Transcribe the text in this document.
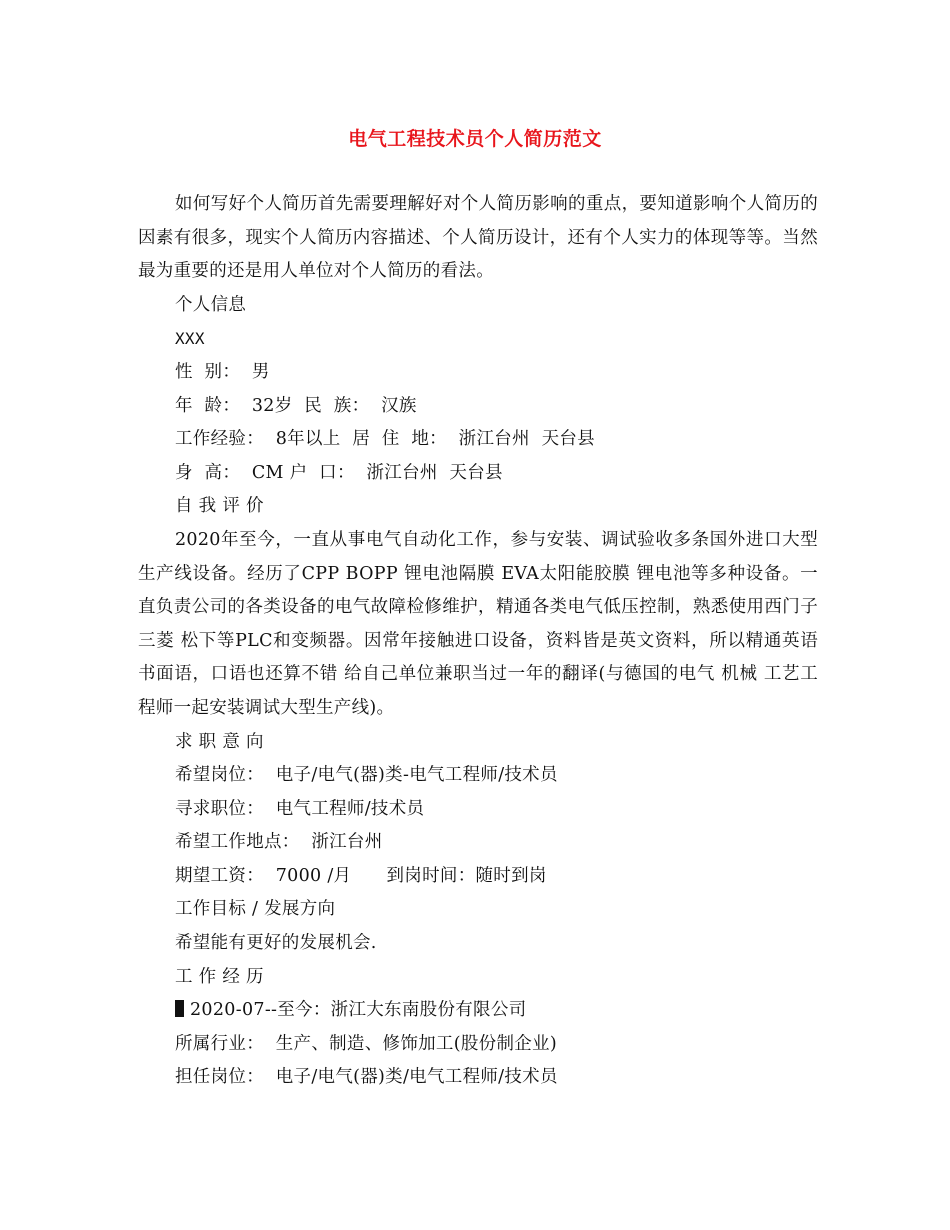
电气工程技术员个人简历范文

如何写好个人简历首先需要理解好对个人简历影响的重点，要知道影响个人简历的因素有很多，现实个人简历内容描述、个人简历设计，还有个人实力的体现等等。当然最为重要的还是用人单位对个人简历的看法。

个人信息
XXX
性  别：  男
年  龄：  32岁  民  族：  汉族
工作经验：  8年以上  居  住  地：  浙江台州  天台县
身  高：  CM 户  口：  浙江台州  天台县
自 我 评 价

2020年至今，一直从事电气自动化工作，参与安装、调试验收多条国外进口大型生产线设备。经历了CPP BOPP 锂电池隔膜 EVA太阳能胶膜 锂电池等多种设备。一直负责公司的各类设备的电气故障检修维护，精通各类电气低压控制，熟悉使用西门子 三菱 松下等PLC和变频器。因常年接触进口设备，资料皆是英文资料，所以精通英语书面语，口语也还算不错 给自己单位兼职当过一年的翻译(与德国的电气 机械 工艺工程师一起安装调试大型生产线)。

求 职 意 向
希望岗位：  电子/电气(器)类-电气工程师/技术员
寻求职位：  电气工程师/技术员
希望工作地点：  浙江台州
期望工资：  7000 /月      到岗时间：随时到岗
工作目标 / 发展方向
希望能有更好的发展机会.
工 作 经 历
2020-07--至今：浙江大东南股份有限公司
所属行业：  生产、制造、修饰加工(股份制企业)
担任岗位：  电子/电气(器)类/电气工程师/技术员
